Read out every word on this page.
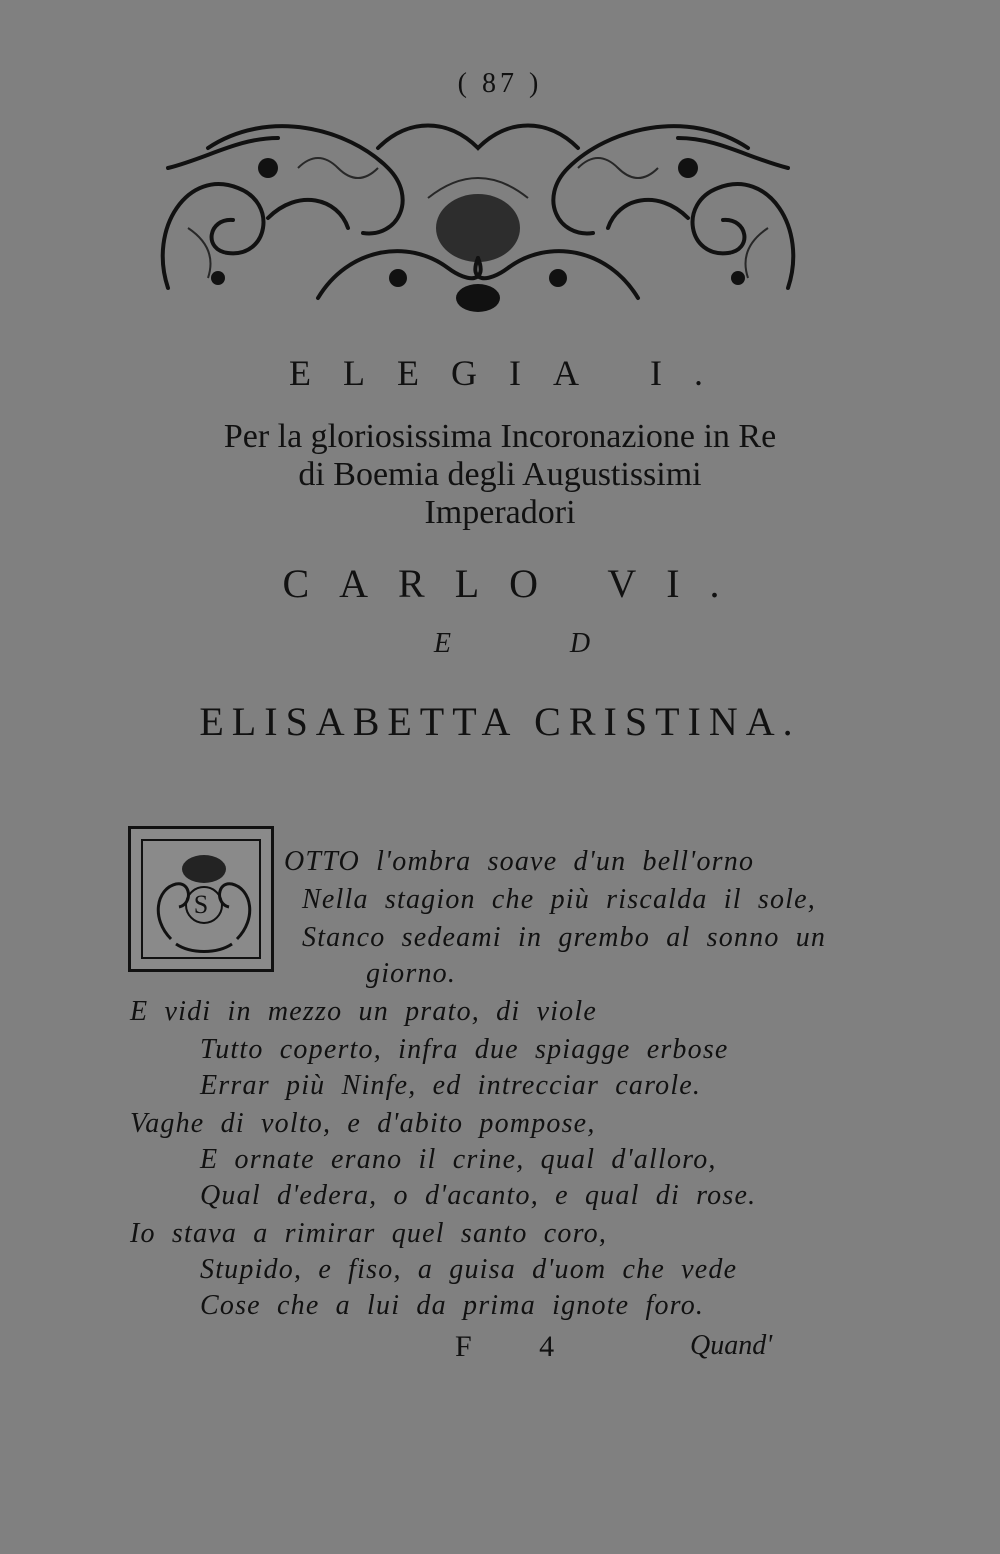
( 87 )
ELEGIA I.
Per la gloriosissima Incoronazione in Re
di Boemia degli Augustissimi
Imperadori
CARLO VI.
E D
ELISABETTA CRISTINA.
S
OTTO l'ombra soave d'un bell'orno
Nella stagion che più riscalda il sole,
Stanco sedeami in grembo al sonno un
giorno.
E vidi in mezzo un prato, di viole
Tutto coperto, infra due spiagge erbose
Errar più Ninfe, ed intrecciar carole.
Vaghe di volto, e d'abito pompose,
E ornate erano il crine, qual d'alloro,
Qual d'edera, o d'acanto, e qual di rose.
Io stava a rimirar quel santo coro,
Stupido, e fiso, a guisa d'uom che vede
Cose che a lui da prima ignote foro.
F 4	Quand'
